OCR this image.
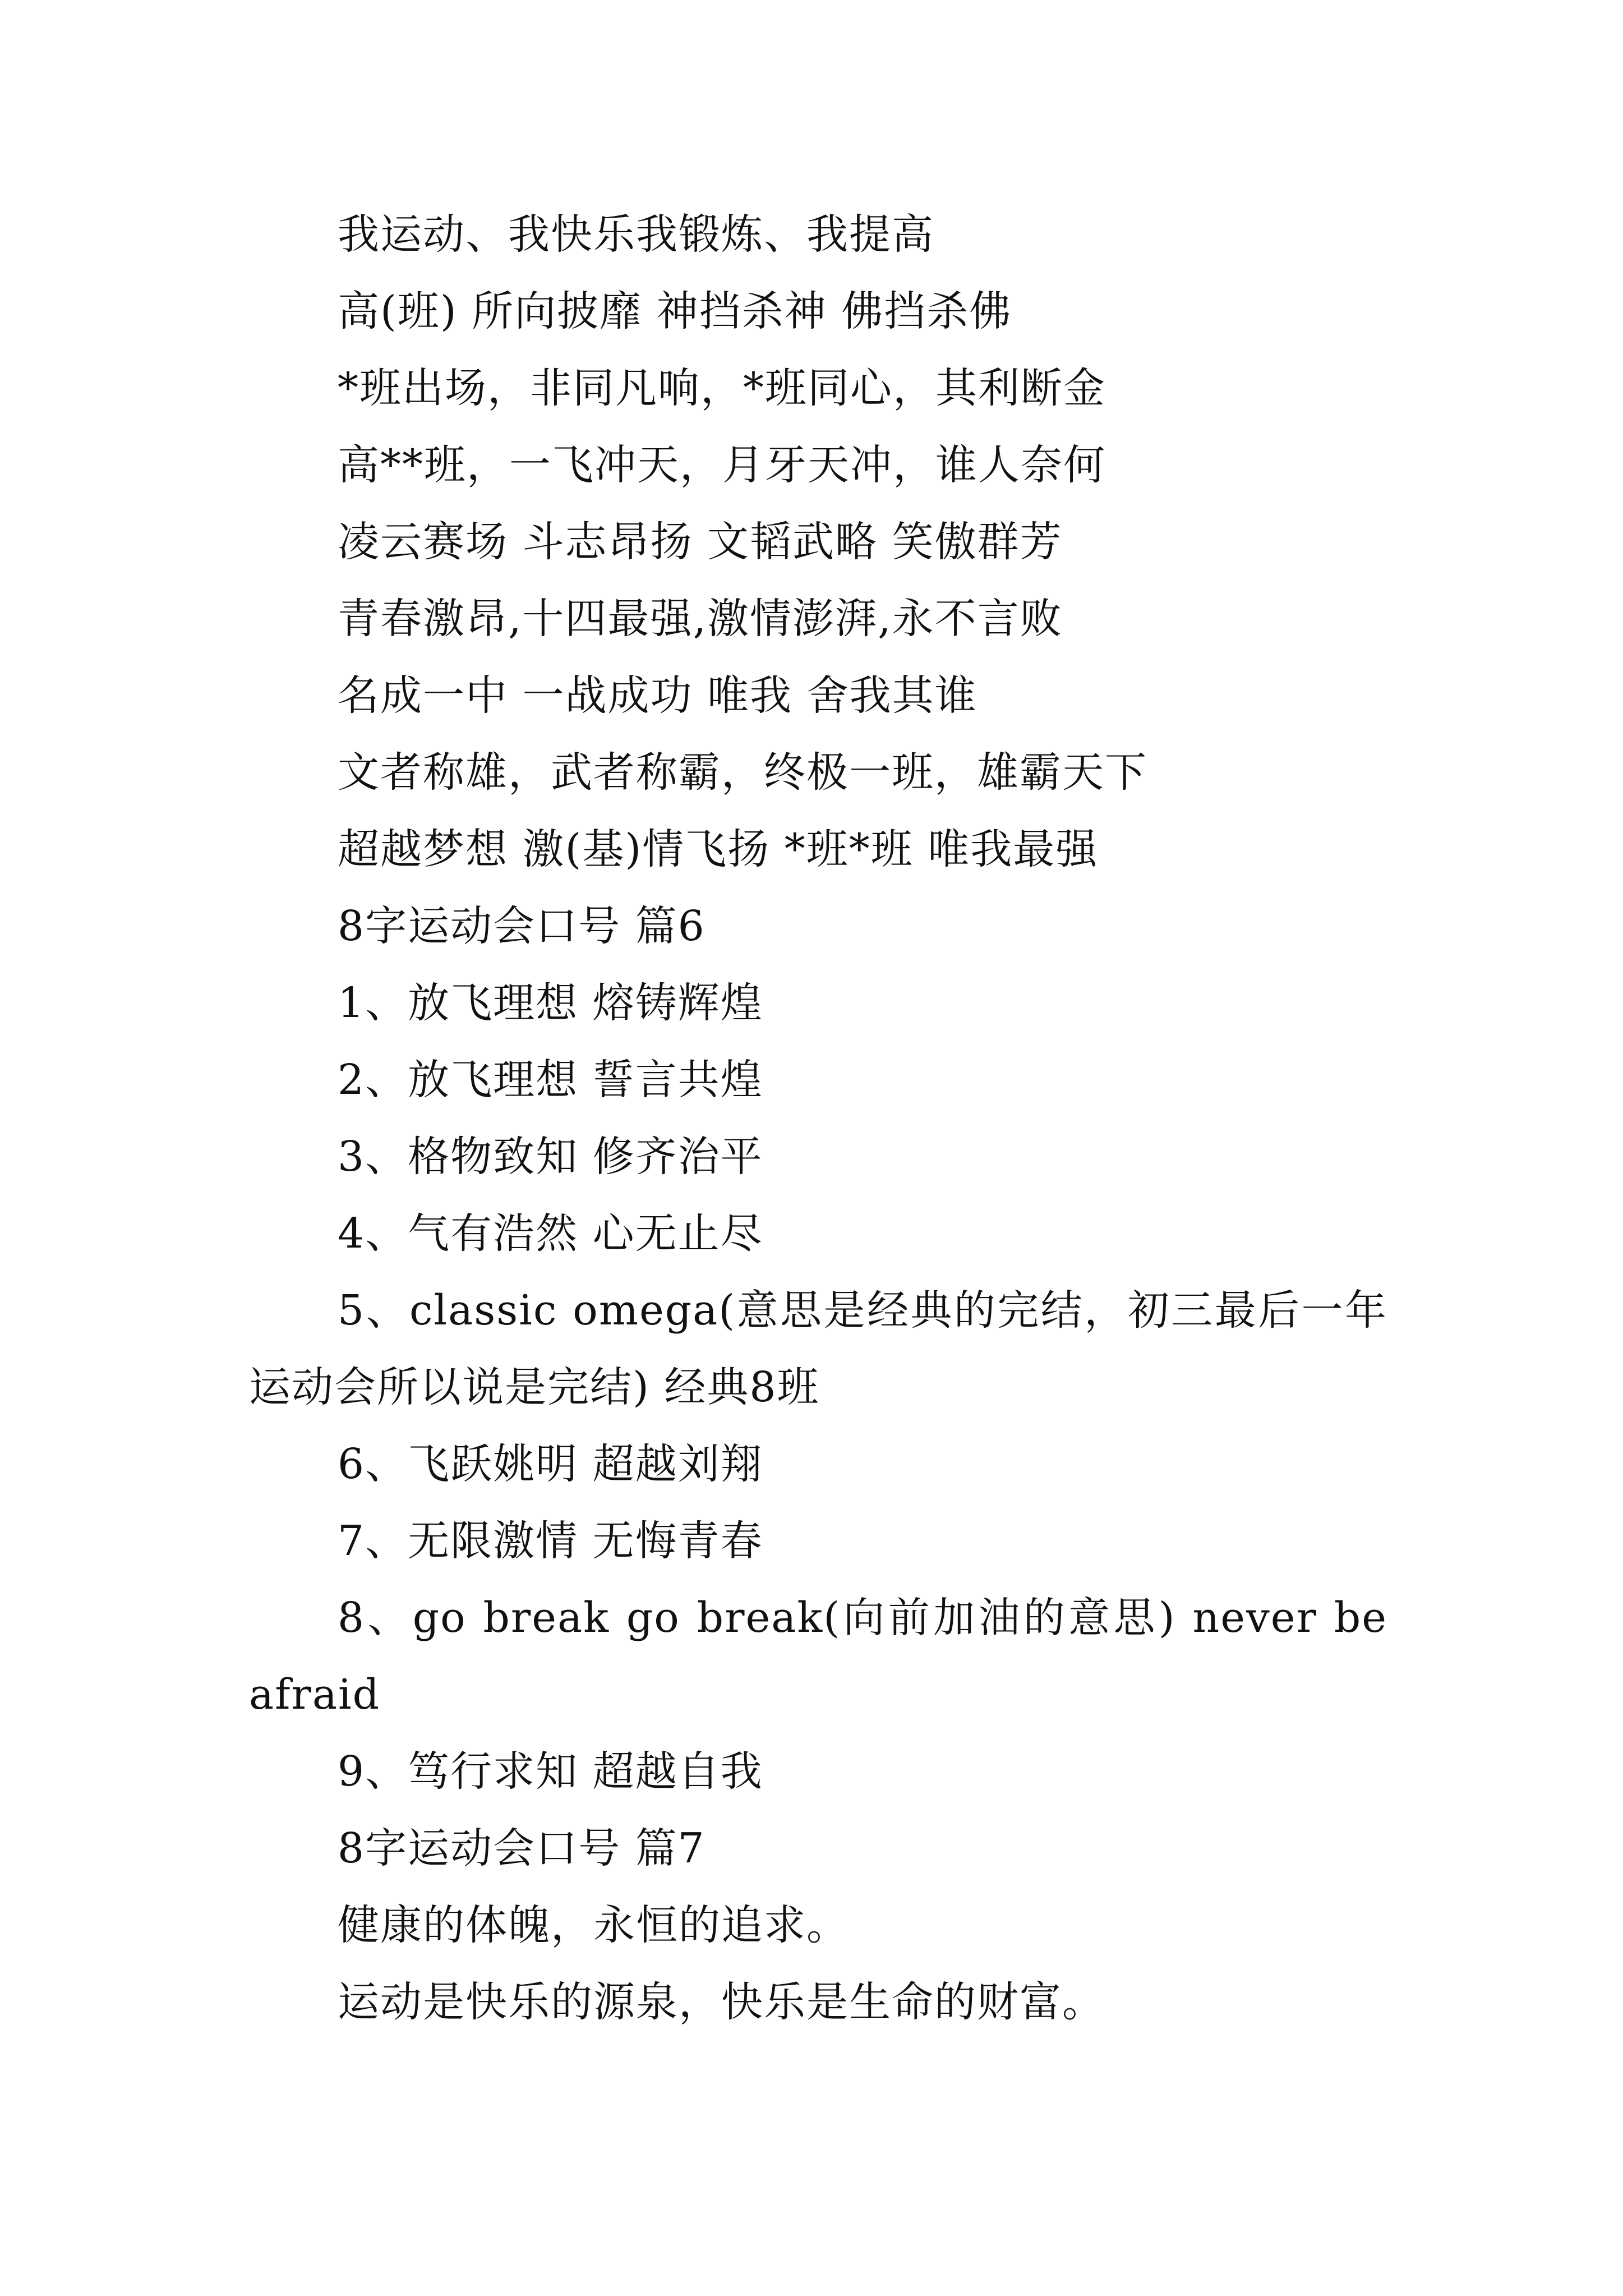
我运动、我快乐我锻炼、我提高
高(班) 所向披靡 神挡杀神 佛挡杀佛
*班出场，非同凡响，*班同心，其利断金
高**班，一飞冲天，月牙天冲，谁人奈何
凌云赛场 斗志昂扬 文韬武略 笑傲群芳
青春激昂,十四最强,激情澎湃,永不言败
名成一中 一战成功 唯我 舍我其谁
文者称雄，武者称霸，终极一班，雄霸天下
超越梦想 激(基)情飞扬 *班*班 唯我最强
8字运动会口号 篇6
1、放飞理想 熔铸辉煌
2、放飞理想 誓言共煌
3、格物致知 修齐治平
4、气有浩然 心无止尽
5、classic omega(意思是经典的完结，初三最后一年运动会所以说是完结) 经典8班
6、飞跃姚明 超越刘翔
7、无限激情 无悔青春
8、go break go break(向前加油的意思) never be afraid
9、笃行求知 超越自我
8字运动会口号 篇7
健康的体魄，永恒的追求。
运动是快乐的源泉，快乐是生命的财富。
